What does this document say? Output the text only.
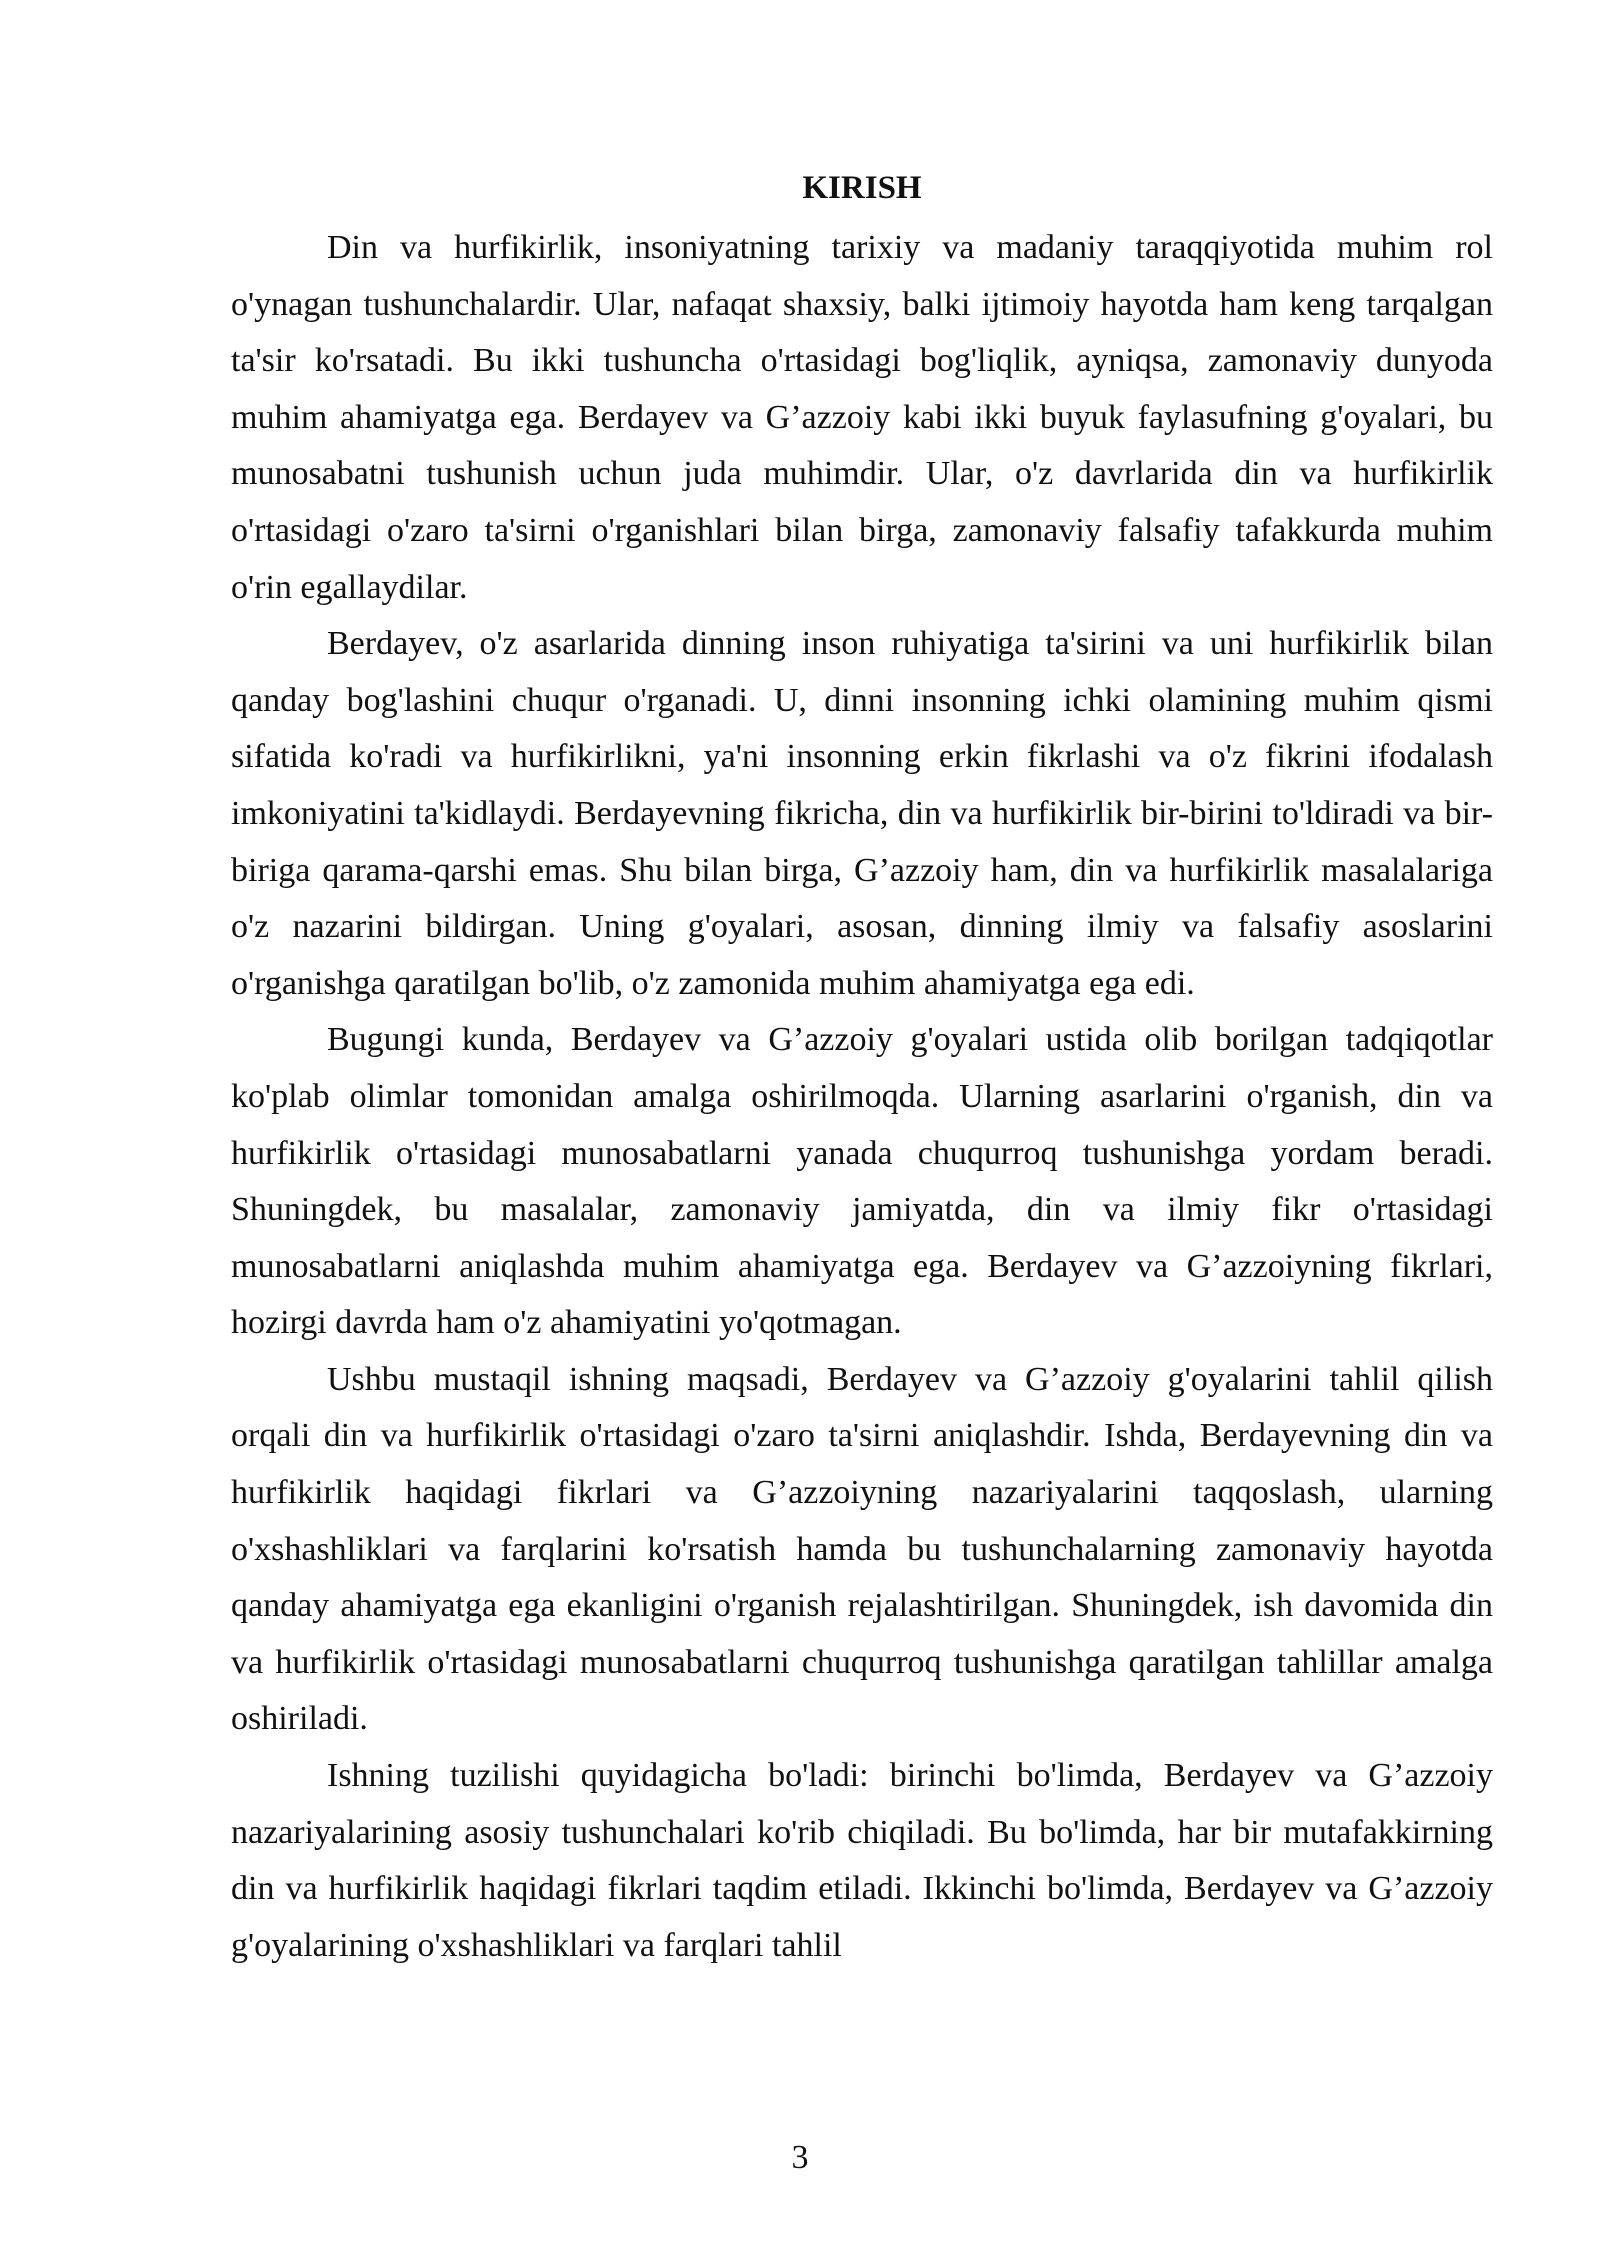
KIRISH

Din va hurfikirlik, insoniyatning tarixiy va madaniy taraqqiyotida muhim rol o'ynagan tushunchalardir. Ular, nafaqat shaxsiy, balki ijtimoiy hayotda ham keng tarqalgan ta'sir ko'rsatadi. Bu ikki tushuncha o'rtasidagi bog'liqlik, ayniqsa, zamonaviy dunyoda muhim ahamiyatga ega. Berdayev va G’azzoiy kabi ikki buyuk faylasufning g'oyalari, bu munosabatni tushunish uchun juda muhimdir. Ular, o'z davrlarida din va hurfikirlik o'rtasidagi o'zaro ta'sirni o'rganishlari bilan birga, zamonaviy falsafiy tafakkurda muhim o'rin egallaydilar.

Berdayev, o'z asarlarida dinning inson ruhiyatiga ta'sirini va uni hurfikirlik bilan qanday bog'lashini chuqur o'rganadi. U, dinni insonning ichki olamining muhim qismi sifatida ko'radi va hurfikirlikni, ya'ni insonning erkin fikrlashi va o'z fikrini ifodalash imkoniyatini ta'kidlaydi. Berdayevning fikricha, din va hurfikirlik bir-birini to'ldiradi va bir-biriga qarama-qarshi emas. Shu bilan birga, G’azzoiy ham, din va hurfikirlik masalalariga o'z nazarini bildirgan. Uning g'oyalari, asosan, dinning ilmiy va falsafiy asoslarini o'rganishga qaratilgan bo'lib, o'z zamonida muhim ahamiyatga ega edi.

Bugungi kunda, Berdayev va G’azzoiy g'oyalari ustida olib borilgan tadqiqotlar ko'plab olimlar tomonidan amalga oshirilmoqda. Ularning asarlarini o'rganish, din va hurfikirlik o'rtasidagi munosabatlarni yanada chuqurroq tushunishga yordam beradi. Shuningdek, bu masalalar, zamonaviy jamiyatda, din va ilmiy fikr o'rtasidagi munosabatlarni aniqlashda muhim ahamiyatga ega. Berdayev va G’azzoiyning fikrlari, hozirgi davrda ham o'z ahamiyatini yo'qotmagan.

Ushbu mustaqil ishning maqsadi, Berdayev va G’azzoiy g'oyalarini tahlil qilish orqali din va hurfikirlik o'rtasidagi o'zaro ta'sirni aniqlashdir. Ishda, Berdayevning din va hurfikirlik haqidagi fikrlari va G’azzoiyning nazariyalarini taqqoslash, ularning o'xshashliklari va farqlarini ko'rsatish hamda bu tushunchalarning zamonaviy hayotda qanday ahamiyatga ega ekanligini o'rganish rejalashtirilgan. Shuningdek, ish davomida din va hurfikirlik o'rtasidagi munosabatlarni chuqurroq tushunishga qaratilgan tahlillar amalga oshiriladi.

Ishning tuzilishi quyidagicha bo'ladi: birinchi bo'limda, Berdayev va G’azzoiy nazariyalarining asosiy tushunchalari ko'rib chiqiladi. Bu bo'limda, har bir mutafakkirning din va hurfikirlik haqidagi fikrlari taqdim etiladi. Ikkinchi bo'limda, Berdayev va G’azzoiy g'oyalarining o'xshashliklari va farqlari tahlil

3
